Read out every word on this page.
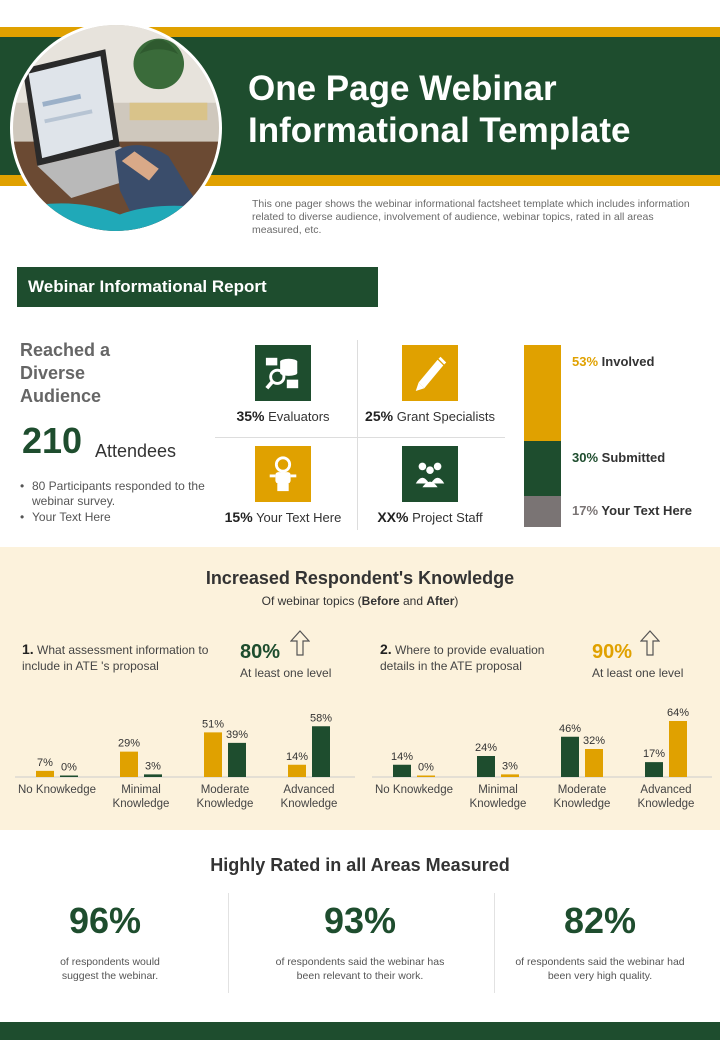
One Page Webinar
Informational Template
This one pager shows the webinar informational factsheet template which includes information related to diverse audience, involvement of audience, webinar topics, rated in all areas measured, etc.
Webinar Informational Report
Reached a Diverse Audience
210 Attendees
• 80 Participants responded to the webinar survey.
• Your Text Here
35% Evaluators	25% Grant Specialists
15% Your Text Here	XX% Project Staff
53% Involved
30% Submitted
17% Your Text Here
Increased Respondent's Knowledge
Of webinar topics (Before and After)
1. What assessment information to include in ATE 's proposal
80%
At least one level
2. Where to provide evaluation details in the ATE proposal
90%
At least one level
7% 0%
No Knowkedge
29%
3%
Minimal
Knowledge
51%
39%
Moderate
Knowledge
14%
58%
Advanced
Knowledge
14%
0%
No Knowkedge
24%
3%
Minimal
Knowledge
46%
32%
Moderate
Knowledge
17%
64%
Advanced
Knowledge
Highly Rated in all Areas Measured
96%
of respondents would suggest the webinar.
93%
of respondents said the webinar has been relevant to their work.
82%
of respondents said the webinar had been very high quality.
